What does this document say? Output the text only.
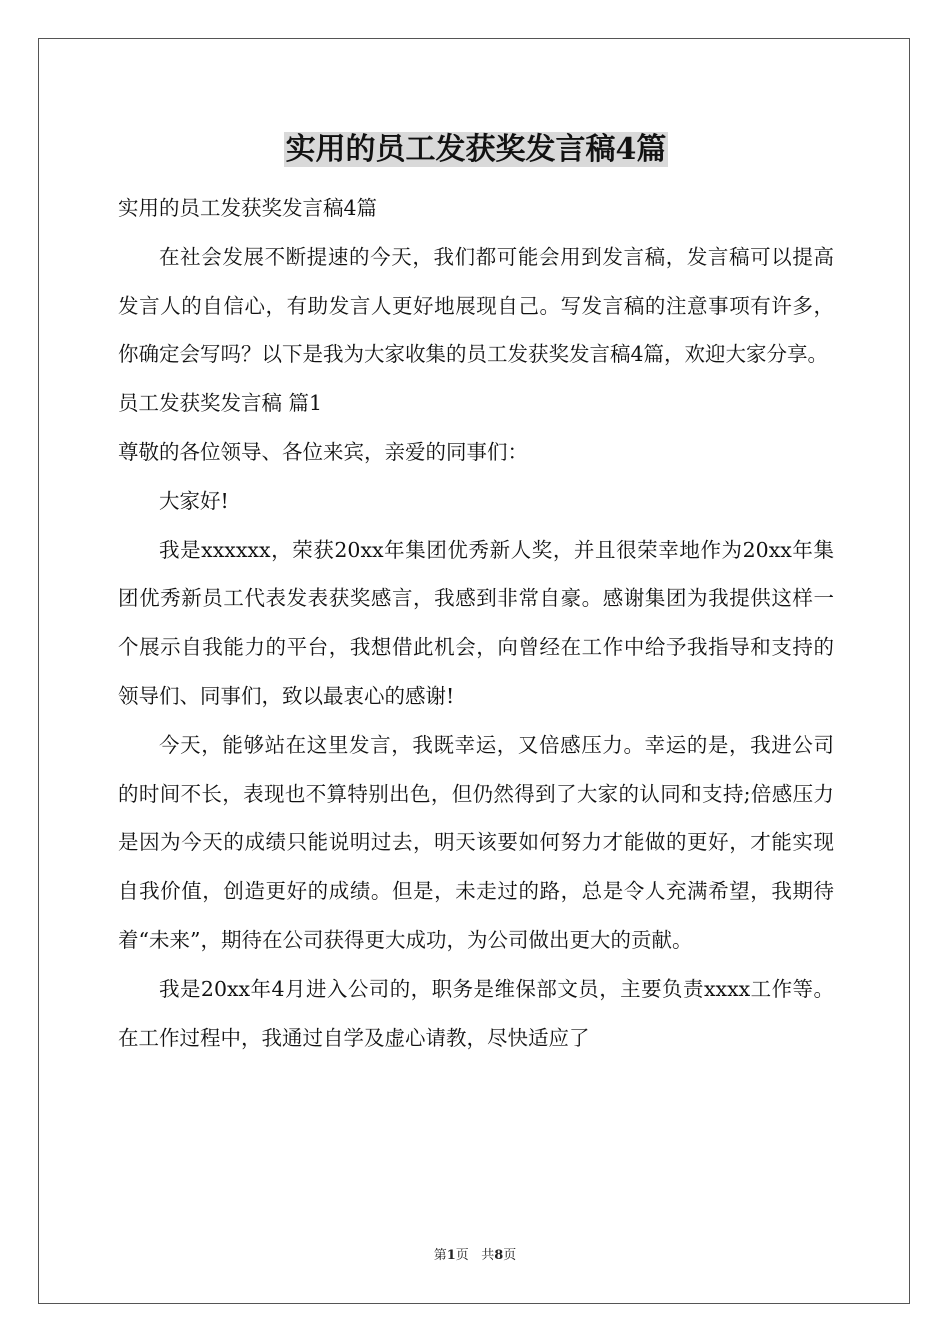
实用的员工发获奖发言稿4篇

实用的员工发获奖发言稿4篇

在社会发展不断提速的今天，我们都可能会用到发言稿，发言稿可以提高发言人的自信心，有助发言人更好地展现自己。写发言稿的注意事项有许多，你确定会写吗？以下是我为大家收集的员工发获奖发言稿4篇，欢迎大家分享。

员工发获奖发言稿 篇1

尊敬的各位领导、各位来宾，亲爱的同事们：

大家好!

我是xxxxxx，荣获20xx年集团优秀新人奖，并且很荣幸地作为20xx年集团优秀新员工代表发表获奖感言，我感到非常自豪。感谢集团为我提供这样一个展示自我能力的平台，我想借此机会，向曾经在工作中给予我指导和支持的领导们、同事们，致以最衷心的感谢!

今天，能够站在这里发言，我既幸运，又倍感压力。幸运的是，我进公司的时间不长，表现也不算特别出色，但仍然得到了大家的认同和支持;倍感压力是因为今天的成绩只能说明过去，明天该要如何努力才能做的更好，才能实现自我价值，创造更好的成绩。但是，未走过的路，总是令人充满希望，我期待着“未来”，期待在公司获得更大成功，为公司做出更大的贡献。

我是20xx年4月进入公司的，职务是维保部文员，主要负责xxxx工作等。在工作过程中，我通过自学及虚心请教，尽快适应了

第1页 共8页
